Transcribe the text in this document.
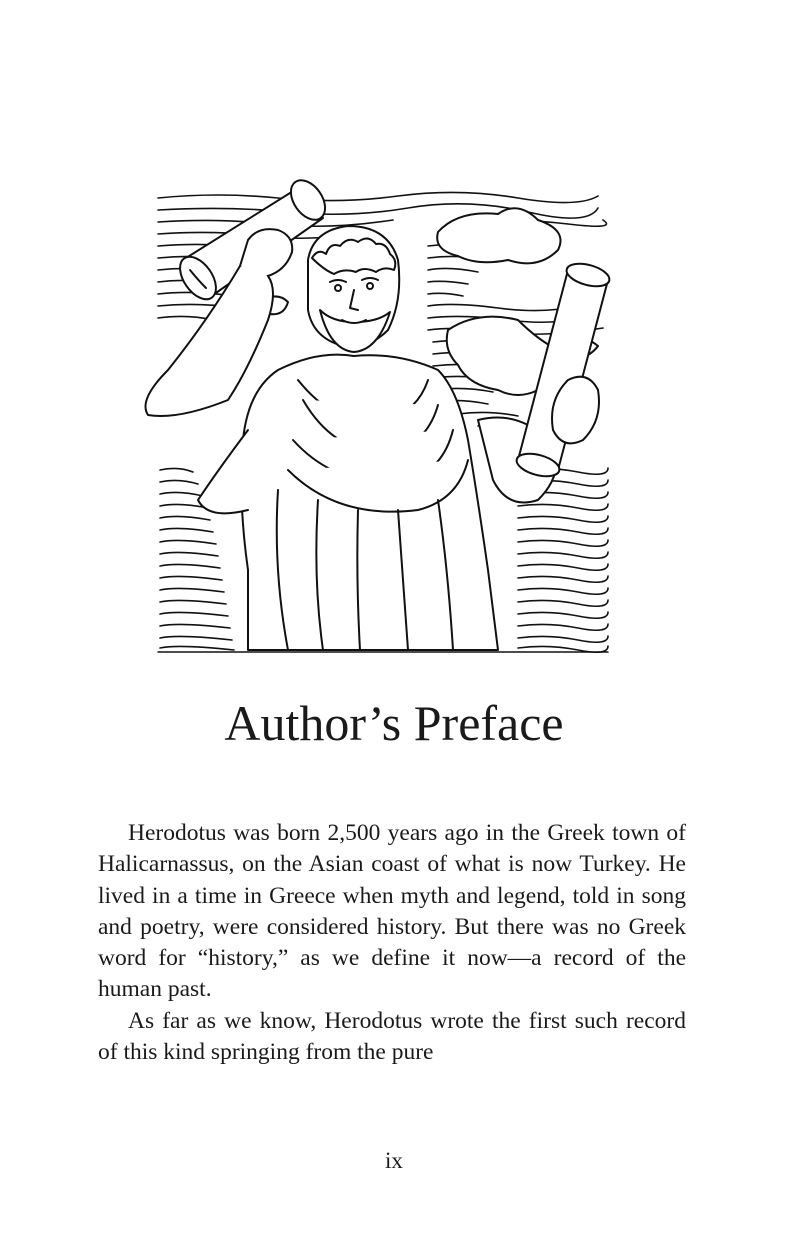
Author’s Preface

Herodotus was born 2,500 years ago in the Greek town of Halicarnassus, on the Asian coast of what is now Turkey. He lived in a time in Greece when myth and legend, told in song and poetry, were considered history. But there was no Greek word for “history,” as we define it now—a record of the human past.

As far as we know, Herodotus wrote the first such record of this kind springing from the pure

ix
